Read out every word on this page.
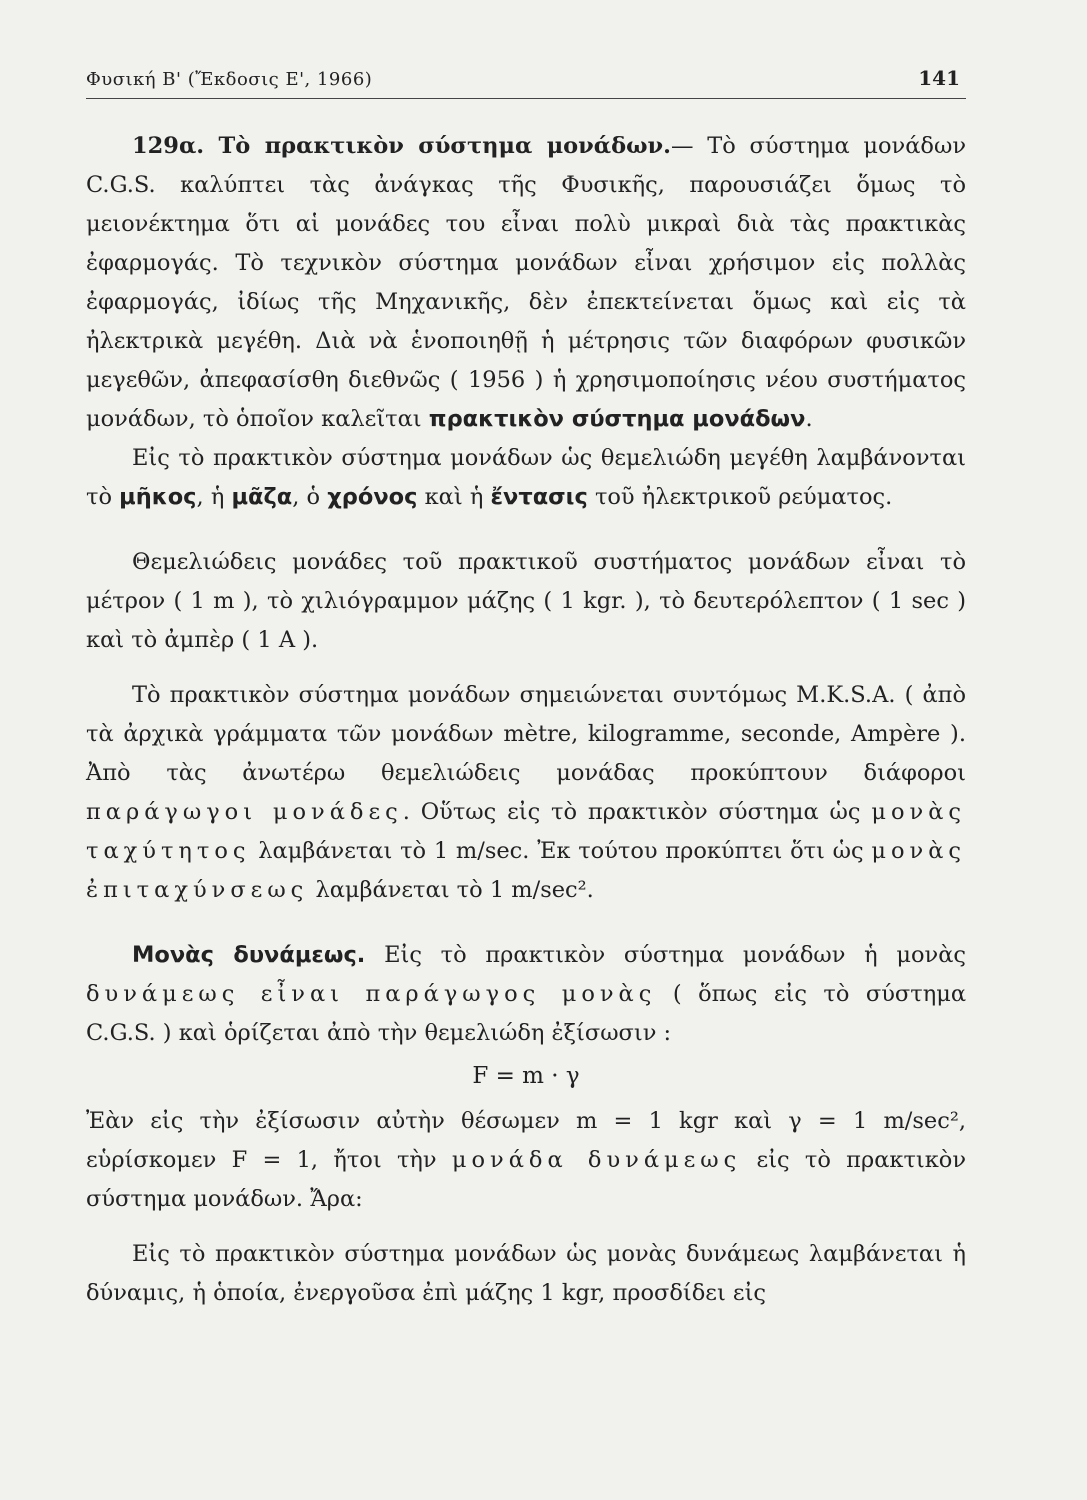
Φυσική Β' (Ἔκδοσις Ε', 1966)	141

129α. Τὸ πρακτικὸν σύστημα μονάδων.— Τὸ σύστημα μονάδων C.G.S. καλύπτει τὰς ἀνάγκας τῆς Φυσικῆς, παρουσιάζει ὅμως τὸ μειονέκτημα ὅτι αἱ μονάδες του εἶναι πολὺ μικραὶ διὰ τὰς πρακτικὰς ἐφαρμογάς. Τὸ τεχνικὸν σύστημα μονάδων εἶναι χρήσιμον εἰς πολλὰς ἐφαρμογάς, ἰδίως τῆς Μηχανικῆς, δὲν ἐπεκτείνεται ὅμως καὶ εἰς τὰ ἠλεκτρικὰ μεγέθη. Διὰ νὰ ἑνοποιηθῇ ἡ μέτρησις τῶν διαφόρων φυσικῶν μεγεθῶν, ἀπεφασίσθη διεθνῶς ( 1956 ) ἡ χρησιμοποίησις νέου συστήματος μονάδων, τὸ ὁποῖον καλεῖται πρακτικὸν σύστημα μονάδων.

Εἰς τὸ πρακτικὸν σύστημα μονάδων ὡς θεμελιώδη μεγέθη λαμβάνονται τὸ μῆκος, ἡ μᾶζα, ὁ χρόνος καὶ ἡ ἔντασις τοῦ ἠλεκτρικοῦ ρεύματος.

Θεμελιώδεις μονάδες τοῦ πρακτικοῦ συστήματος μονάδων εἶναι τὸ μέτρον ( 1 m ), τὸ χιλιόγραμμον μάζης ( 1 kgr. ), τὸ δευτερόλεπτον ( 1 sec ) καὶ τὸ ἀμπὲρ ( 1 A ).

Τὸ πρακτικὸν σύστημα μονάδων σημειώνεται συντόμως M.K.S.A. ( ἀπὸ τὰ ἀρχικὰ γράμματα τῶν μονάδων mètre, kilogramme, seconde, Ampère ). Ἀπὸ τὰς ἀνωτέρω θεμελιώδεις μονάδας προκύπτουν διάφοροι παράγωγοι μονάδες. Οὕτως εἰς τὸ πρακτικὸν σύστημα ὡς μονὰς ταχύτητος λαμβάνεται τὸ 1 m/sec. Ἐκ τούτου προκύπτει ὅτι ὡς μονὰς ἐπιταχύνσεως λαμβάνεται τὸ 1 m/sec².

Μονὰς δυνάμεως. Εἰς τὸ πρακτικὸν σύστημα μονάδων ἡ μονὰς δυνάμεως εἶναι παράγωγος μονὰς ( ὅπως εἰς τὸ σύστημα C.G.S. ) καὶ ὁρίζεται ἀπὸ τὴν θεμελιώδη ἐξίσωσιν :

F = m · γ

Ἐὰν εἰς τὴν ἐξίσωσιν αὐτὴν θέσωμεν m = 1 kgr καὶ γ = 1 m/sec², εὑρίσκομεν F = 1, ἤτοι τὴν μονάδα δυνάμεως εἰς τὸ πρακτικὸν σύστημα μονάδων. Ἄρα:

Εἰς τὸ πρακτικὸν σύστημα μονάδων ὡς μονὰς δυνάμεως λαμβάνεται ἡ δύναμις, ἡ ὁποία, ἐνεργοῦσα ἐπὶ μάζης 1 kgr, προσδίδει εἰς
